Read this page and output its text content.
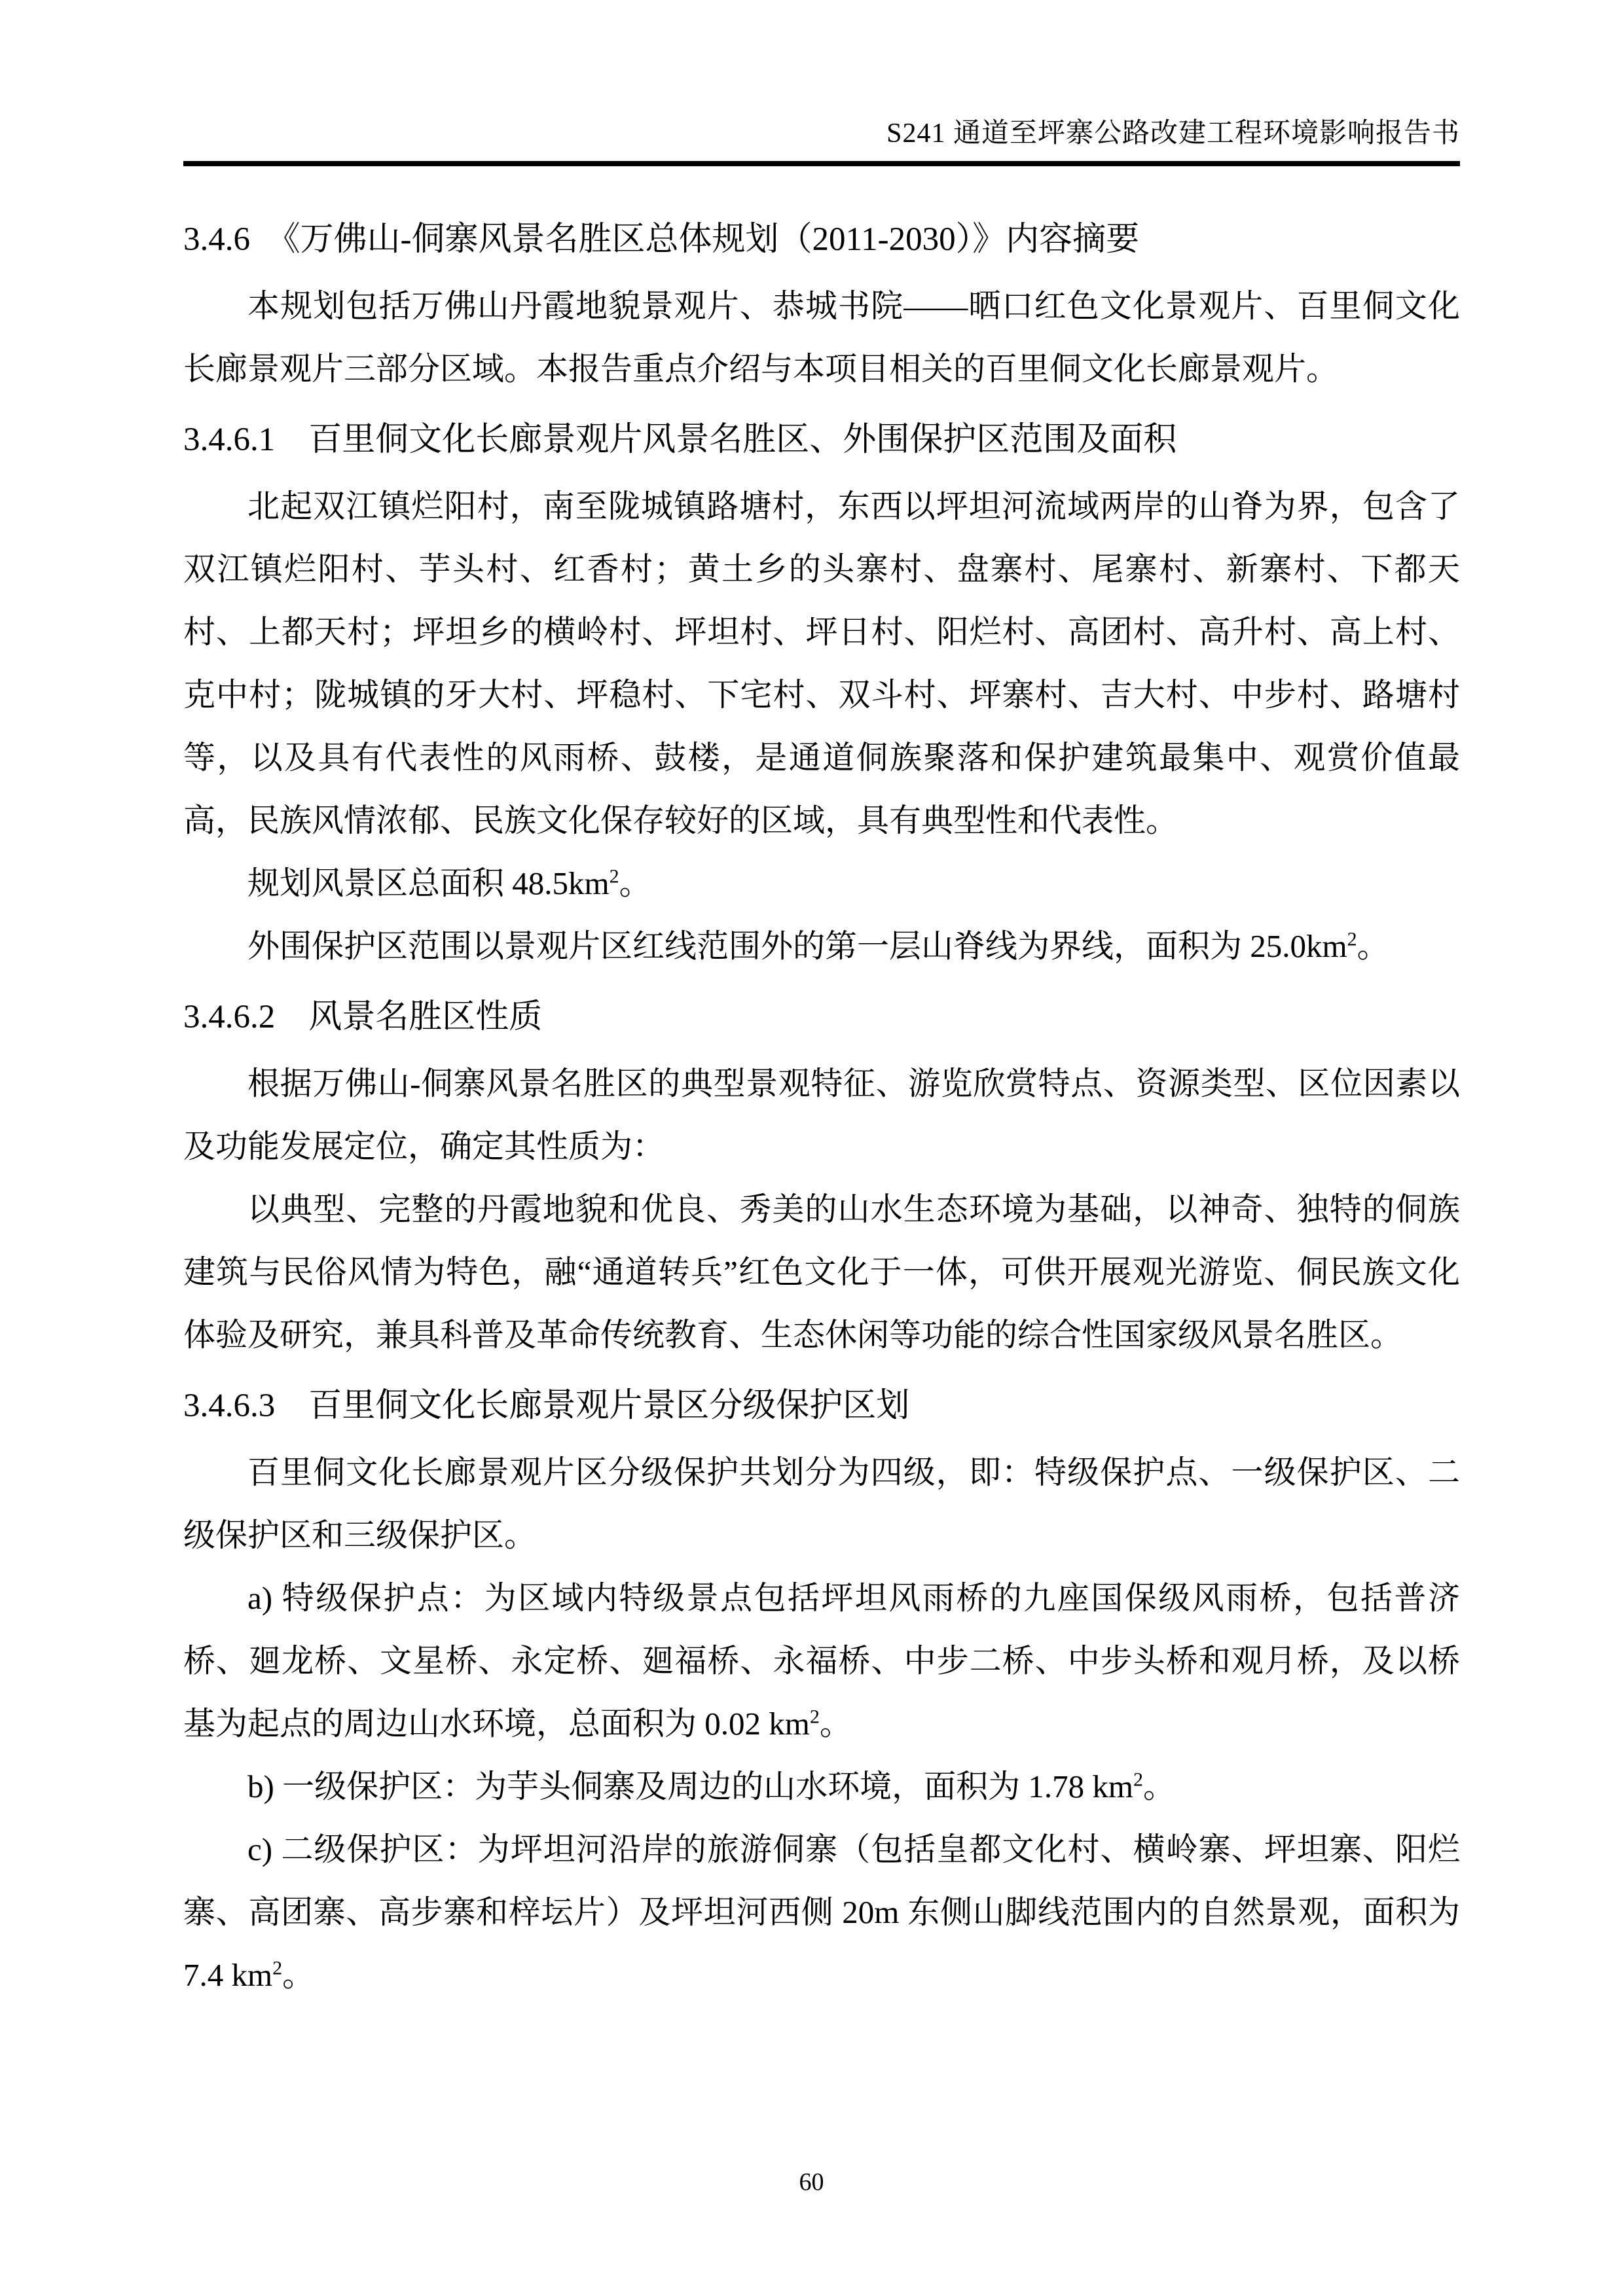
S241 通道至坪寨公路改建工程环境影响报告书

3.4.6　《万佛山-侗寨风景名胜区总体规划（2011-2030）》内容摘要

本规划包括万佛山丹霞地貌景观片、恭城书院——晒口红色文化景观片、百里侗文化长廊景观片三部分区域。本报告重点介绍与本项目相关的百里侗文化长廊景观片。

3.4.6.1　百里侗文化长廊景观片风景名胜区、外围保护区范围及面积

北起双江镇烂阳村，南至陇城镇路塘村，东西以坪坦河流域两岸的山脊为界，包含了双江镇烂阳村、芋头村、红香村；黄土乡的头寨村、盘寨村、尾寨村、新寨村、下都天村、上都天村；坪坦乡的横岭村、坪坦村、坪日村、阳烂村、高团村、高升村、高上村、克中村；陇城镇的牙大村、坪稳村、下宅村、双斗村、坪寨村、吉大村、中步村、路塘村等，以及具有代表性的风雨桥、鼓楼，是通道侗族聚落和保护建筑最集中、观赏价值最高，民族风情浓郁、民族文化保存较好的区域，具有典型性和代表性。

规划风景区总面积 $48.5km^2$。

外围保护区范围以景观片区红线范围外的第一层山脊线为界线，面积为 $25.0km^2$。

3.4.6.2　风景名胜区性质

根据万佛山-侗寨风景名胜区的典型景观特征、游览欣赏特点、资源类型、区位因素以及功能发展定位，确定其性质为：

以典型、完整的丹霞地貌和优良、秀美的山水生态环境为基础，以神奇、独特的侗族建筑与民俗风情为特色，融“通道转兵”红色文化于一体，可供开展观光游览、侗民族文化体验及研究，兼具科普及革命传统教育、生态休闲等功能的综合性国家级风景名胜区。

3.4.6.3　百里侗文化长廊景观片景区分级保护区划

百里侗文化长廊景观片区分级保护共划分为四级，即：特级保护点、一级保护区、二级保护区和三级保护区。

a) 特级保护点：为区域内特级景点包括坪坦风雨桥的九座国保级风雨桥，包括普济桥、廻龙桥、文星桥、永定桥、廻福桥、永福桥、中步二桥、中步头桥和观月桥，及以桥基为起点的周边山水环境，总面积为 0.02 $km^2$。

b) 一级保护区：为芋头侗寨及周边的山水环境，面积为 1.78 $km^2$。

c) 二级保护区：为坪坦河沿岸的旅游侗寨（包括皇都文化村、横岭寨、坪坦寨、阳烂寨、高团寨、高步寨和梓坛片）及坪坦河西侧 20m 东侧山脚线范围内的自然景观，面积为 7.4 $km^2$。

60
